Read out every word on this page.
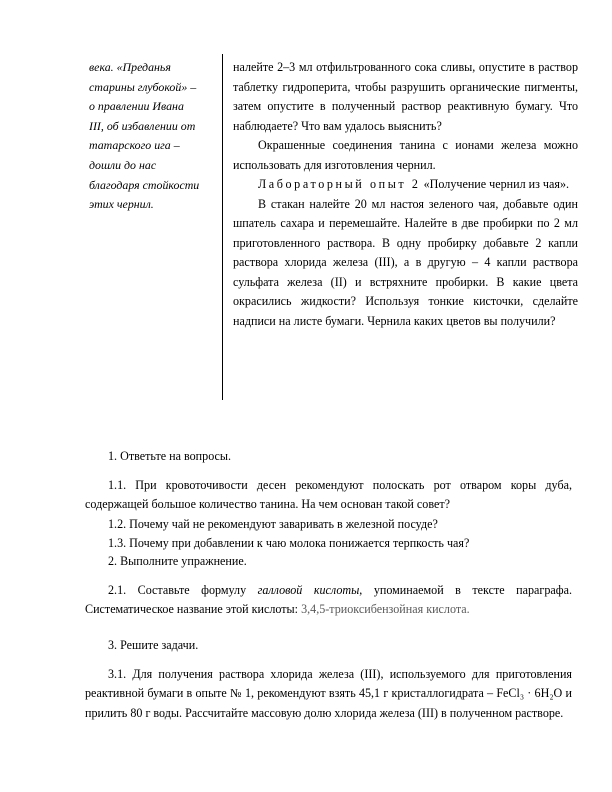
века. «Преданья
старины глубокой» –
о правлении Ивана
III, об избавлении от
татарского ига –
дошли до нас
благодаря стойкости
этих чернил.

налейте 2–3 мл отфильтрованного сока сливы, опустите в раствор таблетку гидроперита, чтобы разрушить органические пигменты, затем опустите в полученный раствор реактивную бумагу. Что наблюдаете? Что вам удалось выяснить?

Окрашенные соединения танина с ионами железа можно использовать для изготовления чернил.

Лабораторный опыт 2 «Получение чернил из чая».

В стакан налейте 20 мл настоя зеленого чая, добавьте один шпатель сахара и перемешайте. Налейте в две пробирки по 2 мл приготовленного раствора. В одну пробирку добавьте 2 капли раствора хлорида железа (III), а в другую – 4 капли раствора сульфата железа (II) и встряхните пробирки. В какие цвета окрасились жидкости? Используя тонкие кисточки, сделайте надписи на листе бумаги. Чернила каких цветов вы получили?

1. Ответьте на вопросы.

1.1. При кровоточивости десен рекомендуют полоскать рот отваром коры дуба, содержащей большое количество танина. На чем основан такой совет?

1.2. Почему чай не рекомендуют заваривать в железной посуде?

1.3. Почему при добавлении к чаю молока понижается терпкость чая?

2. Выполните упражнение.

2.1. Составьте формулу галловой кислоты, упоминаемой в тексте параграфа. Систематическое название этой кислоты: 3,4,5-триоксибензойная кислота.

3. Решите задачи.

3.1. Для получения раствора хлорида железа (III), используемого для приготовления реактивной бумаги в опыте № 1, рекомендуют взять 45,1 г кристаллогидрата – FeCl₃ · 6H₂O и прилить 80 г воды. Рассчитайте массовую долю хлорида железа (III) в полученном растворе.
